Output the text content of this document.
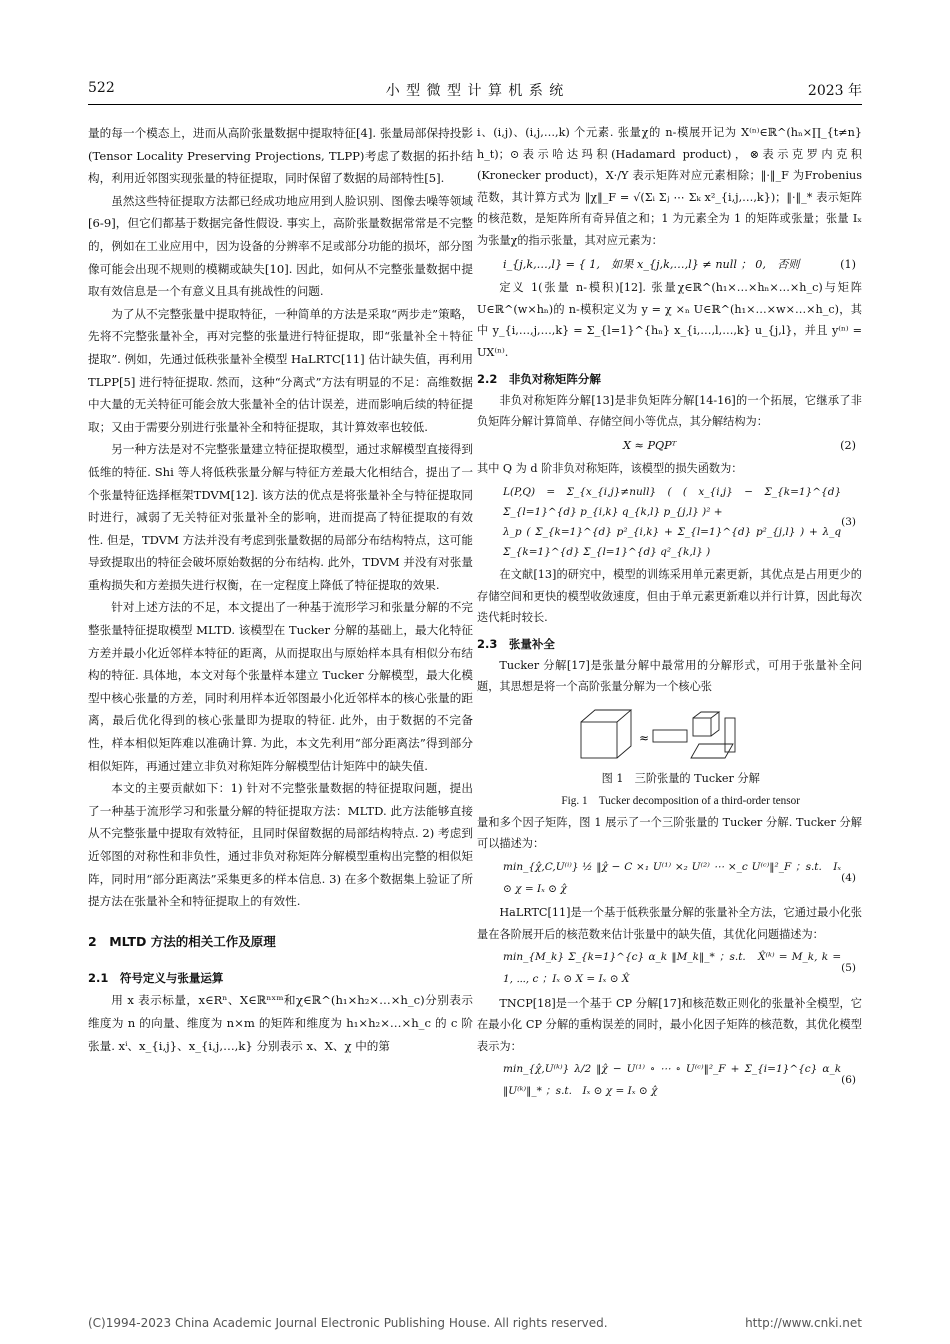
522	小 型 微 型 计 算 机 系 统	2023 年

量的每一个模态上，进而从高阶张量数据中提取特征[4]. 张量局部保持投影(Tensor Locality Preserving Projections, TLPP)考虑了数据的拓扑结构，利用近邻图实现张量的特征提取，同时保留了数据的局部特性[5].

虽然这些特征提取方法都已经成功地应用到人脸识别、图像去噪等领域[6-9]，但它们都基于数据完备性假设. 事实上，高阶张量数据常常是不完整的，例如在工业应用中，因为设备的分辨率不足或部分功能的损坏，部分图像可能会出现不规则的模糊或缺失[10]. 因此，如何从不完整张量数据中提取有效信息是一个有意义且具有挑战性的问题.

为了从不完整张量中提取特征，一种简单的方法是采取“两步走”策略，先将不完整张量补全，再对完整的张量进行特征提取，即“张量补全＋特征提取”. 例如，先通过低秩张量补全模型 HaLRTC[11] 估计缺失值，再利用 TLPP[5] 进行特征提取. 然而，这种“分离式”方法有明显的不足：高维数据中大量的无关特征可能会放大张量补全的估计误差，进而影响后续的特征提取；又由于需要分别进行张量补全和特征提取，其计算效率也较低.

另一种方法是对不完整张量建立特征提取模型，通过求解模型直接得到低维的特征. Shi 等人将低秩张量分解与特征方差最大化相结合，提出了一个张量特征选择框架TDVM[12]. 该方法的优点是将张量补全与特征提取同时进行，减弱了无关特征对张量补全的影响，进而提高了特征提取的有效性. 但是，TDVM 方法并没有考虑到张量数据的局部分布结构特点，这可能导致提取出的特征会破坏原始数据的分布结构. 此外，TDVM 并没有对张量重构损失和方差损失进行权衡，在一定程度上降低了特征提取的效果.

针对上述方法的不足，本文提出了一种基于流形学习和张量分解的不完整张量特征提取模型 MLTD. 该模型在 Tucker 分解的基础上，最大化特征方差并最小化近邻样本特征的距离，从而提取出与原始样本具有相似分布结构的特征. 具体地，本文对每个张量样本建立 Tucker 分解模型，最大化模型中核心张量的方差，同时利用样本近邻图最小化近邻样本的核心张量的距离，最后优化得到的核心张量即为提取的特征. 此外，由于数据的不完备性，样本相似矩阵难以准确计算. 为此，本文先利用“部分距离法”得到部分相似矩阵，再通过建立非负对称矩阵分解模型估计矩阵中的缺失值.

本文的主要贡献如下：1) 针对不完整张量数据的特征提取问题，提出了一种基于流形学习和张量分解的特征提取方法：MLTD. 此方法能够直接从不完整张量中提取有效特征，且同时保留数据的局部结构特点. 2) 考虑到近邻图的对称性和非负性，通过非负对称矩阵分解模型重构出完整的相似矩阵，同时用“部分距离法”采集更多的样本信息. 3) 在多个数据集上验证了所提方法在张量补全和特征提取上的有效性.

2　MLTD 方法的相关工作及原理
2.1　符号定义与张量运算

用 x 表示标量，x∈Rⁿ、X∈ℝⁿˣᵐ和χ∈ℝ^(h₁×h₂×…×h_c)分别表示维度为 n 的向量、维度为 n×m 的矩阵和维度为 h₁×h₂×…×h_c 的 c 阶张量. xⁱ、x_{i,j}、x_{i,j,…,k} 分别表示 x、X、χ 中的第

i、(i,j)、(i,j,…,k) 个元素. 张量χ的 n-模展开记为 X⁽ⁿ⁾∈ℝ^(hₙ×∏_{t≠n} h_t)；⊙表示哈达玛积(Hadamard product)，⊗表示克罗内克积(Kronecker product)，X·/Y 表示矩阵对应元素相除；‖·‖_F 为Frobenius 范数，其计算方式为 ‖χ‖_F = √(Σᵢ Σⱼ ⋯ Σₖ x²_{i,j,…,k})；‖·‖_* 表示矩阵的核范数，是矩阵所有奇异值之和；1 为元素全为 1 的矩阵或张量；张量 Iₓ 为张量χ的指示张量，其对应元素为：

i_{j,k,…,l} = { 1,　如果 x_{j,k,…,l} ≠ null ； 0,　否则	(1)

定义 1(张量 n-模积)[12]. 张量χ∈ℝ^(h₁×…×hₙ×…×h_c)与矩阵U∈ℝ^(w×hₙ)的 n-模积定义为 y = χ ×ₙ U∈ℝ^(h₁×…×w×…×h_c)，其中 y_{i,…,j,…,k} = Σ_{l=1}^{hₙ} x_{i,…,l,…,k} u_{j,l}，并且 y⁽ⁿ⁾ = UX⁽ⁿ⁾.

2.2　非负对称矩阵分解

非负对称矩阵分解[13]是非负矩阵分解[14-16]的一个拓展，它继承了非负矩阵分解计算简单、存储空间小等优点，其分解结构为：

X ≈ PQPᵀ	(2)

其中 Q 为 d 阶非负对称矩阵，该模型的损失函数为：

L(P,Q) = Σ_{x_{i,j}≠null} ( ( x_{i,j} − Σ_{k=1}^{d} Σ_{l=1}^{d} p_{i,k} q_{k,l} p_{j,l} )² +
λ_p ( Σ_{k=1}^{d} p²_{i,k} + Σ_{l=1}^{d} p²_{j,l} ) + λ_q Σ_{k=1}^{d} Σ_{l=1}^{d} q²_{k,l} )
(3)

在文献[13]的研究中，模型的训练采用单元素更新，其优点是占用更少的存储空间和更快的模型收敛速度，但由于单元素更新难以并行计算，因此每次迭代耗时较长.

2.3　张量补全

Tucker 分解[17]是张量分解中最常用的分解形式，可用于张量补全问题，其思想是将一个高阶张量分解为一个核心张

≈

图 1　三阶张量的 Tucker 分解

Fig. 1　Tucker decomposition of a third-order tensor

量和多个因子矩阵，图 1 展示了一个三阶张量的 Tucker 分解. Tucker 分解可以描述为：

min_{χ̂,C,U⁽ⁱ⁾} ½ ‖χ̂ − C ×₁ U⁽¹⁾ ×₂ U⁽²⁾ ⋯ ×_c U⁽ᶜ⁾‖²_F ；s.t.　Iₓ ⊙ χ = Iₓ ⊙ χ̂
(4)

HaLRTC[11]是一个基于低秩张量分解的张量补全方法，它通过最小化张量在各阶展开后的核范数来估计张量中的缺失值，其优化问题描述为：

min_{M_k} Σ_{k=1}^{c} α_k ‖M_k‖_* ；s.t.　X̂⁽ᵏ⁾ = M_k, k = 1, ⋯, c ；Iₓ ⊙ X = Iₓ ⊙ X̂
(5)

TNCP[18]是一个基于 CP 分解[17]和核范数正则化的张量补全模型，它在最小化 CP 分解的重构误差的同时，最小化因子矩阵的核范数，其优化模型表示为：

min_{χ̂,U⁽ᵏ⁾} λ/2 ‖χ̂ − U⁽¹⁾ ∘ ⋯ ∘ U⁽ᶜ⁾‖²_F + Σ_{i=1}^{c} α_k ‖U⁽ᵏ⁾‖_* ；s.t.　Iₓ ⊙ χ = Iₓ ⊙ χ̂
(6)
(C)1994-2023 China Academic Journal Electronic Publishing House. All rights reserved.	http://www.cnki.net
